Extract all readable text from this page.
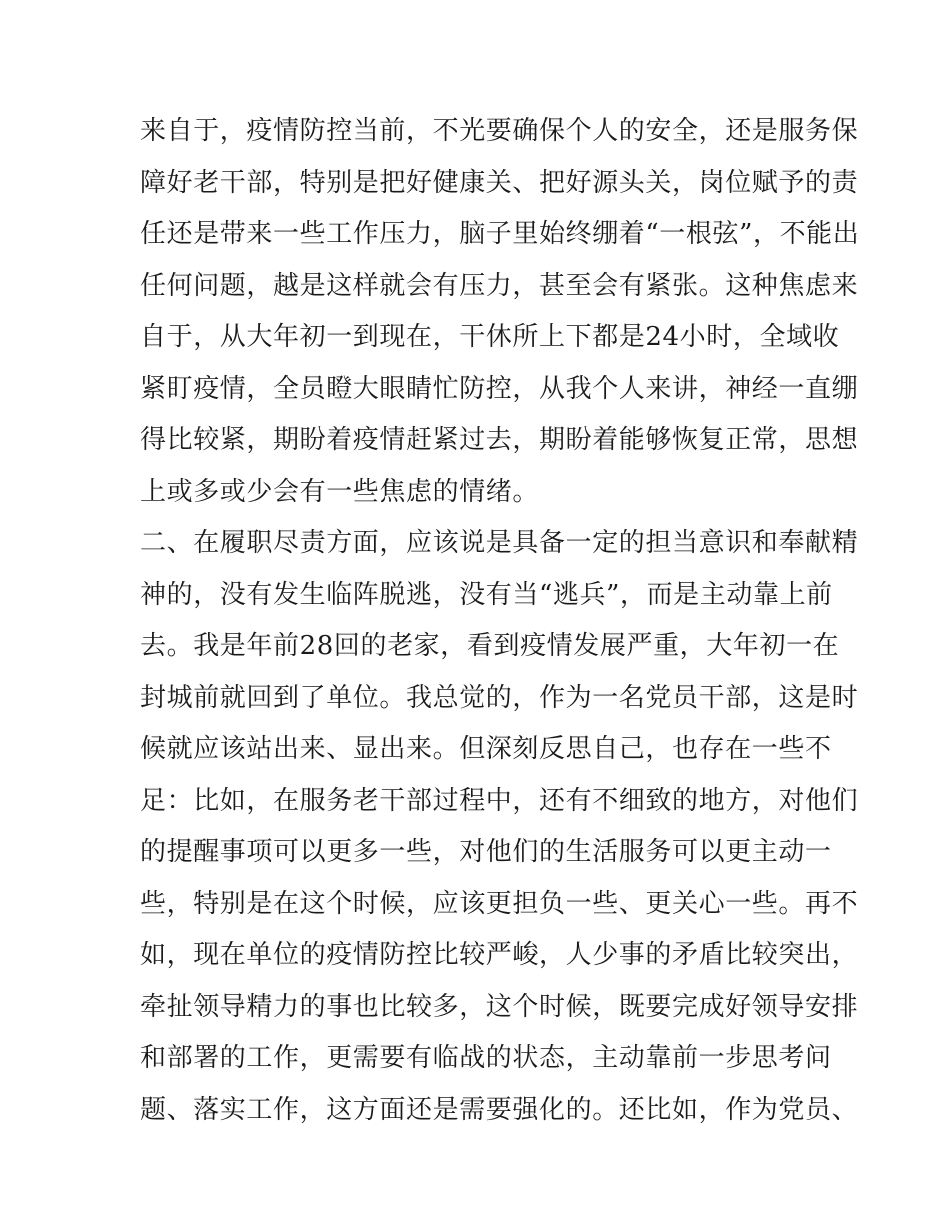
来自于，疫情防控当前，不光要确保个人的安全，还是服务保
障好老干部，特别是把好健康关、把好源头关，岗位赋予的责
任还是带来一些工作压力，脑子里始终绷着“一根弦”，不能出
任何问题，越是这样就会有压力，甚至会有紧张。这种焦虑来
自于，从大年初一到现在，干休所上下都是24小时，全域收
紧盯疫情，全员瞪大眼睛忙防控，从我个人来讲，神经一直绷
得比较紧，期盼着疫情赶紧过去，期盼着能够恢复正常，思想
上或多或少会有一些焦虑的情绪。
二、在履职尽责方面，应该说是具备一定的担当意识和奉献精
神的，没有发生临阵脱逃，没有当“逃兵”，而是主动靠上前
去。我是年前28回的老家，看到疫情发展严重，大年初一在
封城前就回到了单位。我总觉的，作为一名党员干部，这是时
候就应该站出来、显出来。但深刻反思自己，也存在一些不
足：比如，在服务老干部过程中，还有不细致的地方，对他们
的提醒事项可以更多一些，对他们的生活服务可以更主动一
些，特别是在这个时候，应该更担负一些、更关心一些。再不
如，现在单位的疫情防控比较严峻，人少事的矛盾比较突出，
牵扯领导精力的事也比较多，这个时候，既要完成好领导安排
和部署的工作，更需要有临战的状态，主动靠前一步思考问
题、落实工作，这方面还是需要强化的。还比如，作为党员、
